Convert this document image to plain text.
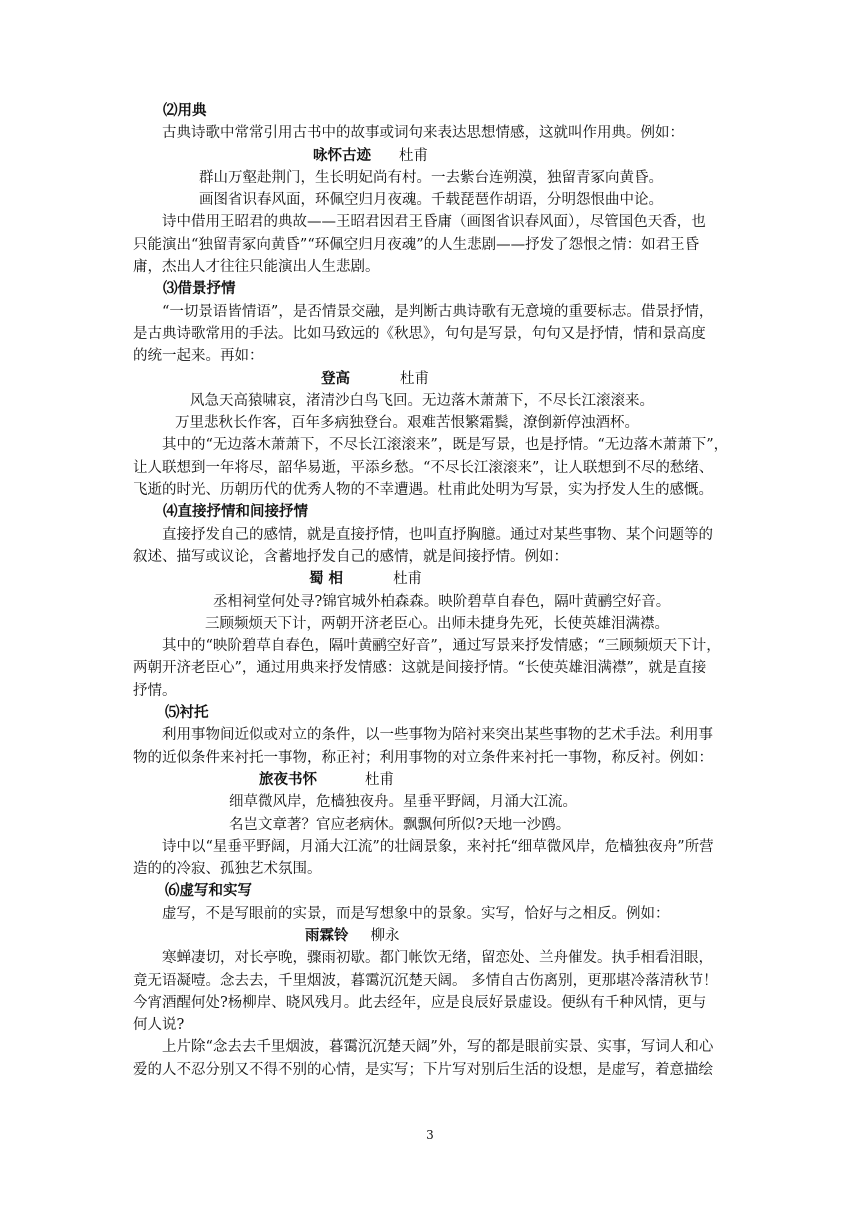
⑵用典
古典诗歌中常常引用古书中的故事或词句来表达思想情感，这就叫作用典。例如：
咏怀古迹 杜甫
群山万壑赴荆门，生长明妃尚有村。一去紫台连朔漠，独留青冢向黄昏。
画图省识春风面，环佩空归月夜魂。千载琵琶作胡语，分明怨恨曲中论。
诗中借用王昭君的典故——王昭君因君王昏庸（画图省识春风面），尽管国色天香，也
只能演出“独留青冢向黄昏”“环佩空归月夜魂”的人生悲剧——抒发了怨恨之情：如君王昏
庸，杰出人才往往只能演出人生悲剧。
⑶借景抒情
“一切景语皆情语”，是否情景交融，是判断古典诗歌有无意境的重要标志。借景抒情，
是古典诗歌常用的手法。比如马致远的《秋思》，句句是写景，句句又是抒情，情和景高度
的统一起来。再如：
登高	杜甫
风急天高猿啸哀，渚清沙白鸟飞回。无边落木萧萧下，不尽长江滚滚来。
万里悲秋长作客，百年多病独登台。艰难苦恨繁霜鬓，潦倒新停浊酒杯。
其中的“无边落木萧萧下，不尽长江滚滚来”，既是写景，也是抒情。“无边落木萧萧下”，
让人联想到一年将尽，韶华易逝，平添乡愁。“不尽长江滚滚来”，让人联想到不尽的愁绪、
飞逝的时光、历朝历代的优秀人物的不幸遭遇。杜甫此处明为写景，实为抒发人生的感慨。
⑷直接抒情和间接抒情
直接抒发自己的感情，就是直接抒情，也叫直抒胸臆。通过对某些事物、某个问题等的
叙述、描写或议论，含蓄地抒发自己的感情，就是间接抒情。例如：
蜀 相	杜甫
丞相祠堂何处寻?锦官城外柏森森。映阶碧草自春色，隔叶黄鹂空好音。
三顾频烦天下计，两朝开济老臣心。出师未捷身先死，长使英雄泪满襟。
其中的“映阶碧草自春色，隔叶黄鹂空好音”，通过写景来抒发情感；“三顾频烦天下计，
两朝开济老臣心”，通过用典来抒发情感：这就是间接抒情。“长使英雄泪满襟”，就是直接
抒情。
⑸衬托
利用事物间近似或对立的条件，以一些事物为陪衬来突出某些事物的艺术手法。利用事
物的近似条件来衬托一事物，称正衬；利用事物的对立条件来衬托一事物，称反衬。例如：
旅夜书怀	杜甫
细草微风岸，危樯独夜舟。星垂平野阔，月涌大江流。
名岂文章著？官应老病休。飘飘何所似?天地一沙鸥。
诗中以“星垂平野阔，月涌大江流”的壮阔景象，来衬托“细草微风岸，危樯独夜舟”所营
造的的冷寂、孤独艺术氛围。
⑹虚写和实写
虚写，不是写眼前的实景，而是写想象中的景象。实写，恰好与之相反。例如：
雨霖铃 柳永
寒蝉凄切，对长亭晚，骤雨初歇。都门帐饮无绪，留恋处、兰舟催发。执手相看泪眼，
竟无语凝噎。念去去，千里烟波，暮霭沉沉楚天阔。 多情自古伤离别，更那堪冷落清秋节！
今宵酒醒何处?杨柳岸、晓风残月。此去经年，应是良辰好景虚设。便纵有千种风情，更与
何人说?
上片除“念去去千里烟波，暮霭沉沉楚天阔”外，写的都是眼前实景、实事，写词人和心
爱的人不忍分别又不得不别的心情，是实写；下片写对别后生活的设想，是虚写，着意描绘
3
